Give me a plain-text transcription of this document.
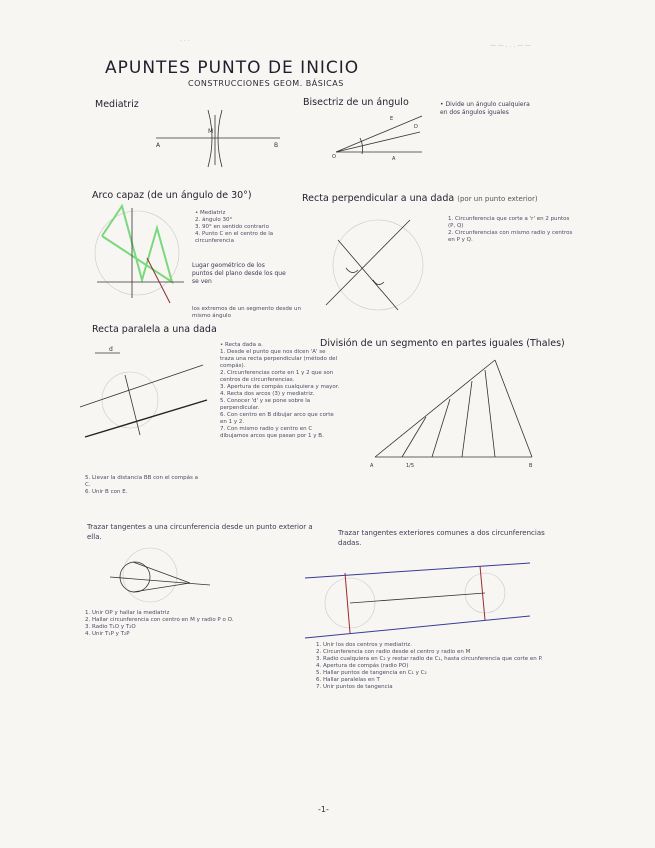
...
— — . . . — —
APUNTES PUNTO DE INICIO
CONSTRUCCIONES GEOM. BÁSICAS
Mediatriz
A	B
M
Bisectriz de un ángulo
O
E
D
A
• Divide un ángulo cualquiera en dos ángulos iguales
Arco capaz (de un ángulo de 30°)
• Mediatriz
2. ángulo 30°
3. 90° en sentido contrario
4. Punto C en el centro de la circunferencia
Lugar geométrico de los puntos del plano desde los que se ven
los extremos de un segmento desde un mismo ángulo
Recta perpendicular a una dada (por un punto exterior)
1. Circunferencia que corte a 'r' en 2 puntos (P, Q)
2. Circunferencias con mismo radio y centros en P y Q.
Recta paralela a una dada
d
• Recta dada a.
1. Desde el punto que nos dicen 'A' se traza una recta perpendicular (método del compás).
2. Circunferencias corte en 1 y 2 que son centros de circunferencias.
3. Apertura de compás cualquiera y mayor.
4. Recta dos arcos (3) y mediatriz.
5. Conocer 'd' y se pone sobre la perpendicular.
6. Con centro en B dibujar arco que corte en 1 y 2.
7. Con mismo radio y centro en C dibujamos arcos que pasan por 1 y B.
5. Llevar la distancia BB con el compás a C.
6. Unir B con E.
División de un segmento en partes iguales (Thales)
A	1/5	B
Trazar tangentes a una circunferencia desde un punto exterior a ella.
1. Unir OP y hallar la mediatriz
2. Hallar circunferencia con centro en M y radio P o O.
3. Radio T₁O y T₂O
4. Unir T₁P y T₂P
Trazar tangentes exteriores comunes a dos circunferencias dadas.
1. Unir los dos centros y mediatriz.
2. Circunferencia con radio desde el centro y radio en M
3. Radio cualquiera en C₂ y restar radio de C₁, hasta circunferencia que corte en P.
4. Apertura de compás (radio PO)
5. Hallar puntos de tangencia en C₁ y C₂
6. Hallar paralelas en T
7. Unir puntos de tangencia
-1-
